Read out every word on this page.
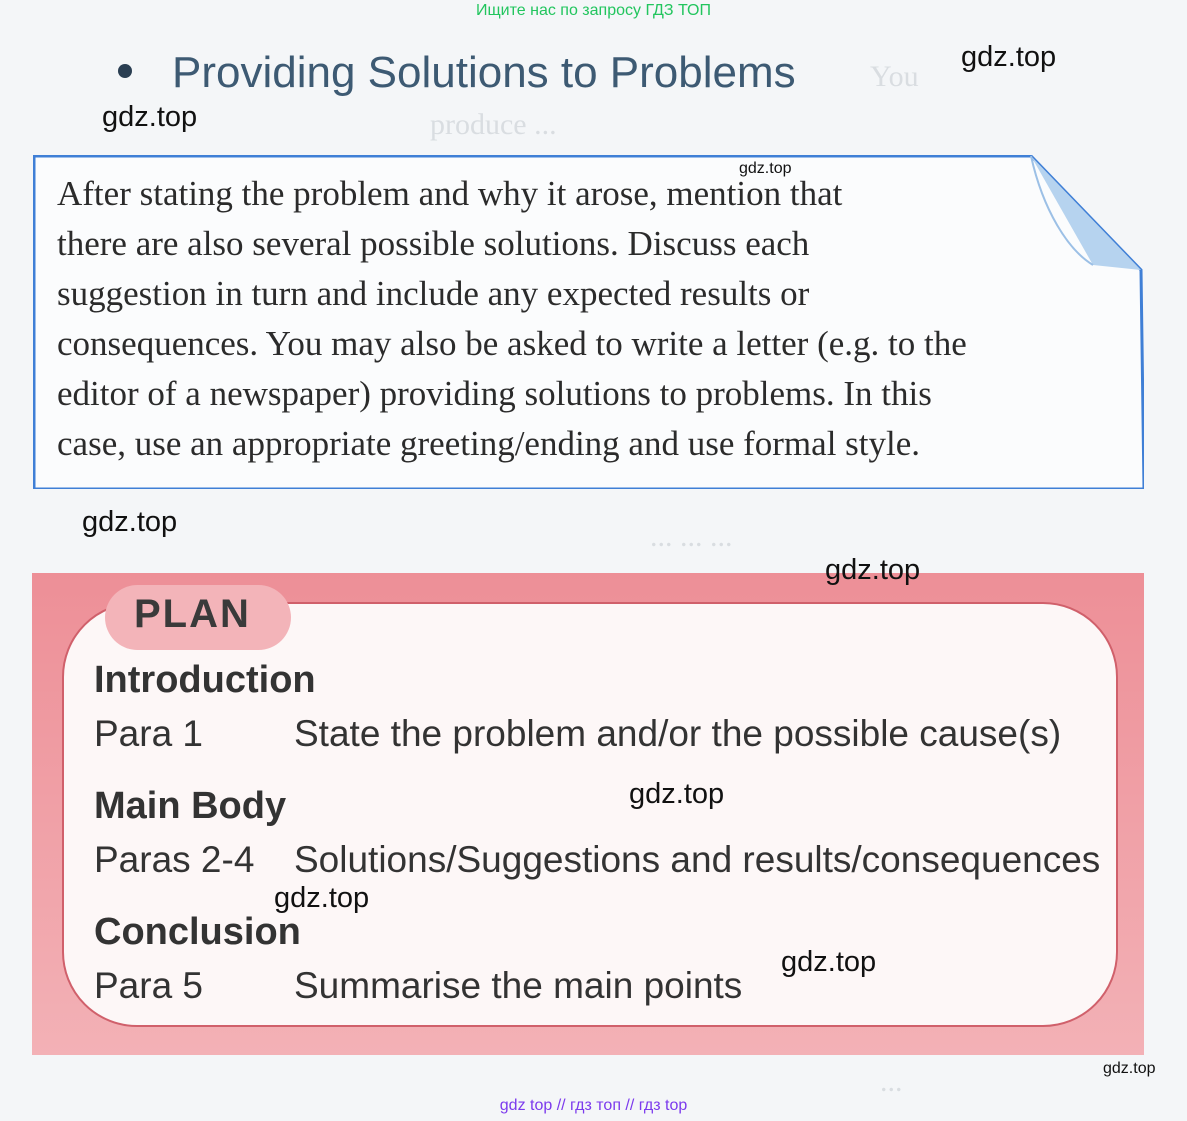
You
produce ...
... ... ...
...
Ищите нас по запросу ГДЗ ТОП
Providing Solutions to Problems
After stating the problem and why it arose, mention that
there are also several possible solutions. Discuss each
suggestion in turn and include any expected results or
consequences. You may also be asked to write a letter (e.g. to the
editor of a newspaper) providing solutions to problems. In this
case, use an appropriate greeting/ending and use formal style.
PLAN
Introduction
Para 1 State the problem and/or the possible cause(s)
Main Body
Paras 2-4 Solutions/Suggestions and results/consequences
Conclusion
Para 5 Summarise the main points
gdz.top
gdz.top
gdz.top
gdz.top
gdz.top
gdz.top
gdz.top
gdz.top
gdz.top
gdz top // гдз топ // гдз top
